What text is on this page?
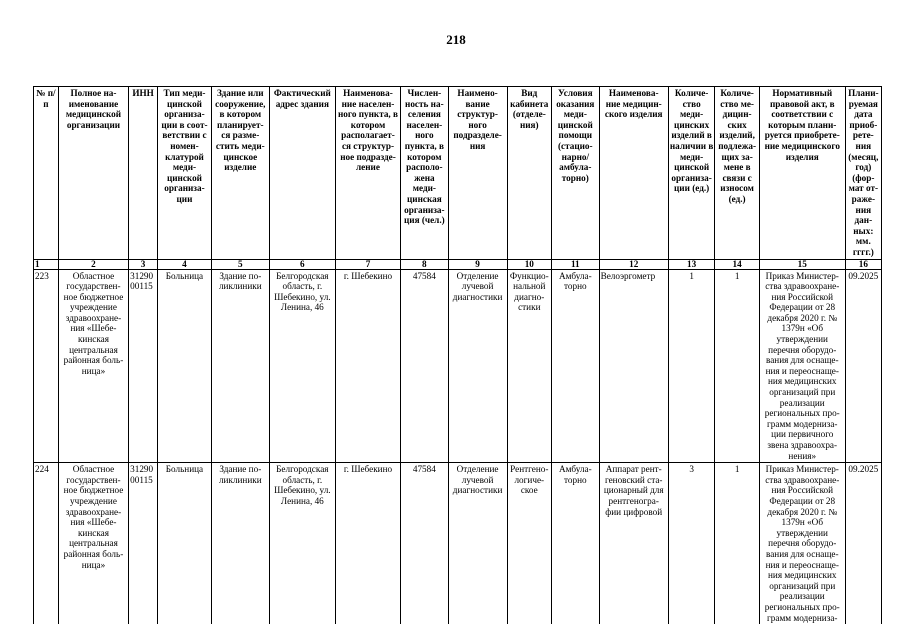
218
№ п/п	Полное на- именование медицинской организации	ИНН	Тип меди- цинской организа- ции в соот- ветствии с номен- клатурой меди- цинской организа- ции	Здание или сооружение, в котором планирует- ся разме- стить меди- цинское изделие	Фактический адрес здания	Наименова- ние населен- ного пункта, в котором располагает- ся структур- ное подразде- ление	Числен- ность на- селения населен- ного пункта, в котором располо- жена меди- цинская организа- ция (чел.)	Наимено- вание структур- ного подразделе- ния	Вид кабинета (отделе- ния)	Условия оказания меди- цинской помощи (стацио- нарно/ амбула- торно)	Наименова- ние медицин- ского изделия	Количе- ство меди- цинских изделий в наличии в меди- цинской организа- ции (ед.)	Количе- ство ме- дицин- ских изделий, подлежа- щих за- мене в связи с износом (ед.)	Нормативный правовой акт, в соответствии с которым плани- руется приобрете- ние медицинского изделия	Плани- руемая дата приоб- рете- ния (месяц, год) (фор- мат от- раже- ния дан- ных: мм. гггг.)
1	2	3	4	5	6	7	8	9	10	11	12	13	14	15	16
223	Областное государствен- ное бюджетное учреждение здравоохране- ния «Шебе- кинская центральная районная боль- ница»	31290 00115	Больница	Здание по- ликлиники	Белгородская область, г. Шебекино, ул. Ленина, 46	г. Шебекино	47584	Отделение лучевой диагностики	Функцио- нальной диагно- стики	Амбула- торно	Велоэргометр	1	1	Приказ Министер- ства здравоохране- ния Российской Федерации от 28 декабря 2020 г. № 1379н «Об утверждении перечня оборудо- вания для оснаще- ния и переоснаще- ния медицинских организаций при реализации региональных про- грамм модерниза- ции первичного звена здравоохра- нения»	09.2025
224	Областное государствен- ное бюджетное учреждение здравоохране- ния «Шебе- кинская центральная районная боль- ница»	31290 00115	Больница	Здание по- ликлиники	Белгородская область, г. Шебекино, ул. Ленина, 46	г. Шебекино	47584	Отделение лучевой диагностики	Рентгено- логиче- ское	Амбула- торно	Аппарат рент- геновский ста- ционарный для рентгеногра- фии цифровой	3	1	Приказ Министер- ства здравоохране- ния Российской Федерации от 28 декабря 2020 г. № 1379н «Об утверждении перечня оборудо- вания для оснаще- ния и переоснаще- ния медицинских организаций при реализации региональных про- грамм модерниза-	09.2025
